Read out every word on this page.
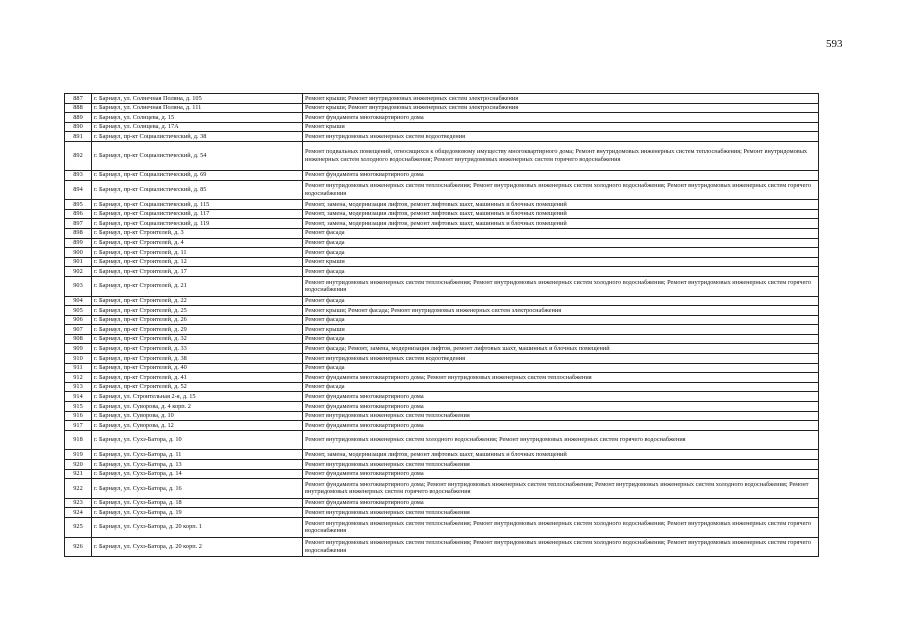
593
887	г. Барнаул, ул. Солнечная Поляна, д. 105	Ремонт крыши; Ремонт внутридомовых инженерных систем электроснабжения
888	г. Барнаул, ул. Солнечная Поляна, д. 111	Ремонт крыши; Ремонт внутридомовых инженерных систем электроснабжения
889	г. Барнаул, ул. Солнцева, д. 15	Ремонт фундамента многоквартирного дома
890	г. Барнаул, ул. Солнцева, д. 17А	Ремонт крыши
891	г. Барнаул, пр-кт Социалистический, д. 38	Ремонт внутридомовых инженерных систем водоотведения
892	г. Барнаул, пр-кт Социалистический, д. 54	Ремонт подвальных помещений, относящихся к общедомовому имуществу многоквартирного дома; Ремонт внутридомовых инженерных систем теплоснабжения; Ремонт внутридомовых инженерных систем холодного водоснабжения; Ремонт внутридомовых инженерных систем горячего водоснабжения
893	г. Барнаул, пр-кт Социалистический, д. 69	Ремонт фундамента многоквартирного дома
894	г. Барнаул, пр-кт Социалистический, д. 85	Ремонт внутридомовых инженерных систем теплоснабжения; Ремонт внутридомовых инженерных систем холодного водоснабжения; Ремонт внутридомовых инженерных систем горячего водоснабжения
895	г. Барнаул, пр-кт Социалистический, д. 115	Ремонт, замена, модернизация лифтов, ремонт лифтовых шахт, машинных и блочных помещений
896	г. Барнаул, пр-кт Социалистический, д. 117	Ремонт, замена, модернизация лифтов, ремонт лифтовых шахт, машинных и блочных помещений
897	г. Барнаул, пр-кт Социалистический, д. 119	Ремонт, замена, модернизация лифтов, ремонт лифтовых шахт, машинных и блочных помещений
898	г. Барнаул, пр-кт Строителей, д. 3	Ремонт фасада
899	г. Барнаул, пр-кт Строителей, д. 4	Ремонт фасада
900	г. Барнаул, пр-кт Строителей, д. 11	Ремонт фасада
901	г. Барнаул, пр-кт Строителей, д. 12	Ремонт крыши
902	г. Барнаул, пр-кт Строителей, д. 17	Ремонт фасада
903	г. Барнаул, пр-кт Строителей, д. 21	Ремонт внутридомовых инженерных систем теплоснабжения; Ремонт внутридомовых инженерных систем холодного водоснабжения; Ремонт внутридомовых инженерных систем горячего водоснабжения
904	г. Барнаул, пр-кт Строителей, д. 22	Ремонт фасада
905	г. Барнаул, пр-кт Строителей, д. 25	Ремонт крыши; Ремонт фасада; Ремонт внутридомовых инженерных систем электроснабжения
906	г. Барнаул, пр-кт Строителей, д. 26	Ремонт фасада
907	г. Барнаул, пр-кт Строителей, д. 29	Ремонт крыши
908	г. Барнаул, пр-кт Строителей, д. 32	Ремонт фасада
909	г. Барнаул, пр-кт Строителей, д. 33	Ремонт фасада; Ремонт, замена, модернизация лифтов, ремонт лифтовых шахт, машинных и блочных помещений
910	г. Барнаул, пр-кт Строителей, д. 38	Ремонт внутридомовых инженерных систем водоотведения
911	г. Барнаул, пр-кт Строителей, д. 40	Ремонт фасада
912	г. Барнаул, пр-кт Строителей, д. 41	Ремонт фундамента многоквартирного дома; Ремонт внутридомовых инженерных систем теплоснабжения
913	г. Барнаул, пр-кт Строителей, д. 52	Ремонт фасада
914	г. Барнаул, ул. Строительная 2-я, д. 15	Ремонт фундамента многоквартирного дома
915	г. Барнаул, ул. Суворова, д. 4 корп. 2	Ремонт фундамента многоквартирного дома
916	г. Барнаул, ул. Суворова, д. 10	Ремонт внутридомовых инженерных систем теплоснабжения
917	г. Барнаул, ул. Суворова, д. 12	Ремонт фундамента многоквартирного дома
918	г. Барнаул, ул. Сухэ-Батора, д. 10	Ремонт внутридомовых инженерных систем холодного водоснабжения; Ремонт внутридомовых инженерных систем горячего водоснабжения
919	г. Барнаул, ул. Сухэ-Батора, д. 11	Ремонт, замена, модернизация лифтов, ремонт лифтовых шахт, машинных и блочных помещений
920	г. Барнаул, ул. Сухэ-Батора, д. 13	Ремонт внутридомовых инженерных систем теплоснабжения
921	г. Барнаул, ул. Сухэ-Батора, д. 14	Ремонт фундамента многоквартирного дома
922	г. Барнаул, ул. Сухэ-Батора, д. 16	Ремонт фундамента многоквартирного дома; Ремонт внутридомовых инженерных систем теплоснабжения; Ремонт внутридомовых инженерных систем холодного водоснабжения; Ремонт внутридомовых инженерных систем горячего водоснабжения
923	г. Барнаул, ул. Сухэ-Батора, д. 18	Ремонт фундамента многоквартирного дома
924	г. Барнаул, ул. Сухэ-Батора, д. 19	Ремонт внутридомовых инженерных систем теплоснабжения
925	г. Барнаул, ул. Сухэ-Батора, д. 20 корп. 1	Ремонт внутридомовых инженерных систем теплоснабжения; Ремонт внутридомовых инженерных систем холодного водоснабжения; Ремонт внутридомовых инженерных систем горячего водоснабжения
926	г. Барнаул, ул. Сухэ-Батора, д. 20 корп. 2	Ремонт внутридомовых инженерных систем теплоснабжения; Ремонт внутридомовых инженерных систем холодного водоснабжения; Ремонт внутридомовых инженерных систем горячего водоснабжения
